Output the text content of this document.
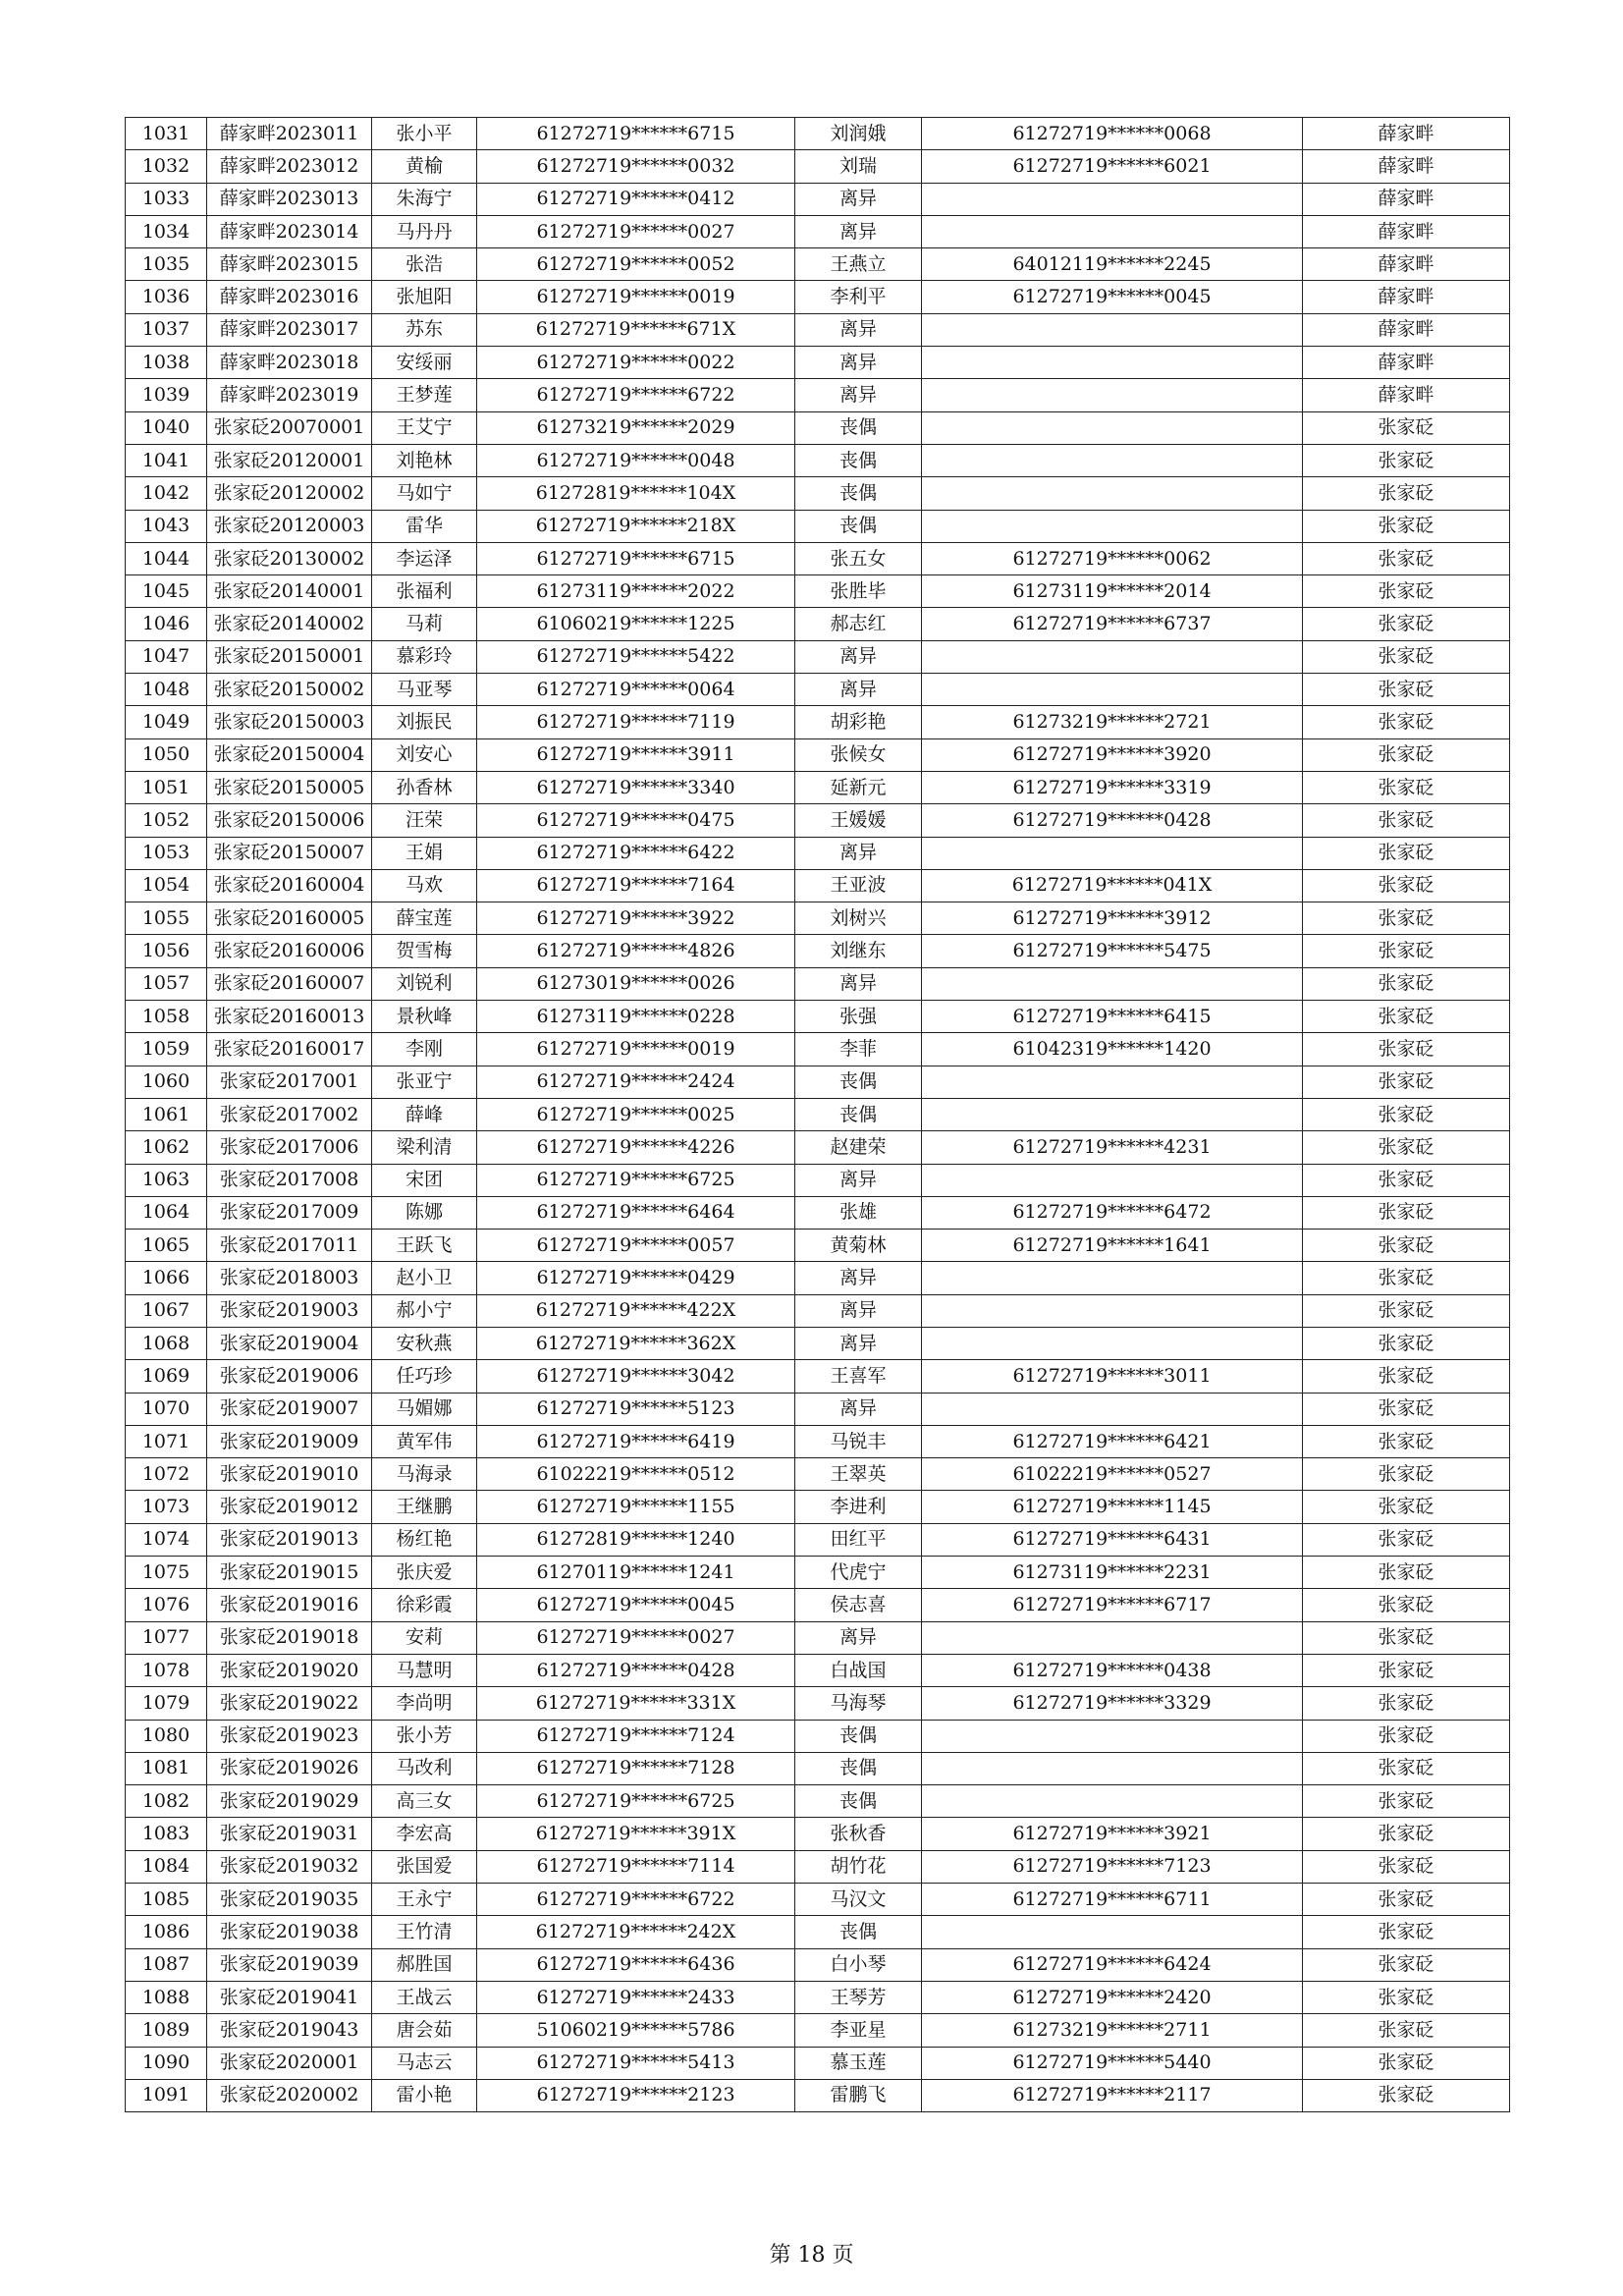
1031	薛家畔2023011	张小平	61272719******6715	刘润娥	61272719******0068	薛家畔
1032	薛家畔2023012	黄榆	61272719******0032	刘瑞	61272719******6021	薛家畔
1033	薛家畔2023013	朱海宁	61272719******0412	离异		薛家畔
1034	薛家畔2023014	马丹丹	61272719******0027	离异		薛家畔
1035	薛家畔2023015	张浩	61272719******0052	王燕立	64012119******2245	薛家畔
1036	薛家畔2023016	张旭阳	61272719******0019	李利平	61272719******0045	薛家畔
1037	薛家畔2023017	苏东	61272719******671X	离异		薛家畔
1038	薛家畔2023018	安绥丽	61272719******0022	离异		薛家畔
1039	薛家畔2023019	王梦莲	61272719******6722	离异		薛家畔
1040	张家砭20070001	王艾宁	61273219******2029	丧偶		张家砭
1041	张家砭20120001	刘艳林	61272719******0048	丧偶		张家砭
1042	张家砭20120002	马如宁	61272819******104X	丧偶		张家砭
1043	张家砭20120003	雷华	61272719******218X	丧偶		张家砭
1044	张家砭20130002	李运泽	61272719******6715	张五女	61272719******0062	张家砭
1045	张家砭20140001	张福利	61273119******2022	张胜毕	61273119******2014	张家砭
1046	张家砭20140002	马莉	61060219******1225	郝志红	61272719******6737	张家砭
1047	张家砭20150001	慕彩玲	61272719******5422	离异		张家砭
1048	张家砭20150002	马亚琴	61272719******0064	离异		张家砭
1049	张家砭20150003	刘振民	61272719******7119	胡彩艳	61273219******2721	张家砭
1050	张家砭20150004	刘安心	61272719******3911	张候女	61272719******3920	张家砭
1051	张家砭20150005	孙香林	61272719******3340	延新元	61272719******3319	张家砭
1052	张家砭20150006	汪荣	61272719******0475	王媛媛	61272719******0428	张家砭
1053	张家砭20150007	王娟	61272719******6422	离异		张家砭
1054	张家砭20160004	马欢	61272719******7164	王亚波	61272719******041X	张家砭
1055	张家砭20160005	薛宝莲	61272719******3922	刘树兴	61272719******3912	张家砭
1056	张家砭20160006	贺雪梅	61272719******4826	刘继东	61272719******5475	张家砭
1057	张家砭20160007	刘锐利	61273019******0026	离异		张家砭
1058	张家砭20160013	景秋峰	61273119******0228	张强	61272719******6415	张家砭
1059	张家砭20160017	李刚	61272719******0019	李菲	61042319******1420	张家砭
1060	张家砭2017001	张亚宁	61272719******2424	丧偶		张家砭
1061	张家砭2017002	薛峰	61272719******0025	丧偶		张家砭
1062	张家砭2017006	梁利清	61272719******4226	赵建荣	61272719******4231	张家砭
1063	张家砭2017008	宋团	61272719******6725	离异		张家砭
1064	张家砭2017009	陈娜	61272719******6464	张雄	61272719******6472	张家砭
1065	张家砭2017011	王跃飞	61272719******0057	黄菊林	61272719******1641	张家砭
1066	张家砭2018003	赵小卫	61272719******0429	离异		张家砭
1067	张家砭2019003	郝小宁	61272719******422X	离异		张家砭
1068	张家砭2019004	安秋燕	61272719******362X	离异		张家砭
1069	张家砭2019006	任巧珍	61272719******3042	王喜军	61272719******3011	张家砭
1070	张家砭2019007	马媚娜	61272719******5123	离异		张家砭
1071	张家砭2019009	黄军伟	61272719******6419	马锐丰	61272719******6421	张家砭
1072	张家砭2019010	马海录	61022219******0512	王翠英	61022219******0527	张家砭
1073	张家砭2019012	王继鹏	61272719******1155	李进利	61272719******1145	张家砭
1074	张家砭2019013	杨红艳	61272819******1240	田红平	61272719******6431	张家砭
1075	张家砭2019015	张庆爱	61270119******1241	代虎宁	61273119******2231	张家砭
1076	张家砭2019016	徐彩霞	61272719******0045	侯志喜	61272719******6717	张家砭
1077	张家砭2019018	安莉	61272719******0027	离异		张家砭
1078	张家砭2019020	马慧明	61272719******0428	白战国	61272719******0438	张家砭
1079	张家砭2019022	李尚明	61272719******331X	马海琴	61272719******3329	张家砭
1080	张家砭2019023	张小芳	61272719******7124	丧偶		张家砭
1081	张家砭2019026	马改利	61272719******7128	丧偶		张家砭
1082	张家砭2019029	高三女	61272719******6725	丧偶		张家砭
1083	张家砭2019031	李宏高	61272719******391X	张秋香	61272719******3921	张家砭
1084	张家砭2019032	张国爱	61272719******7114	胡竹花	61272719******7123	张家砭
1085	张家砭2019035	王永宁	61272719******6722	马汉文	61272719******6711	张家砭
1086	张家砭2019038	王竹清	61272719******242X	丧偶		张家砭
1087	张家砭2019039	郝胜国	61272719******6436	白小琴	61272719******6424	张家砭
1088	张家砭2019041	王战云	61272719******2433	王琴芳	61272719******2420	张家砭
1089	张家砭2019043	唐会茹	51060219******5786	李亚星	61273219******2711	张家砭
1090	张家砭2020001	马志云	61272719******5413	慕玉莲	61272719******5440	张家砭
1091	张家砭2020002	雷小艳	61272719******2123	雷鹏飞	61272719******2117	张家砭
第 18 页
